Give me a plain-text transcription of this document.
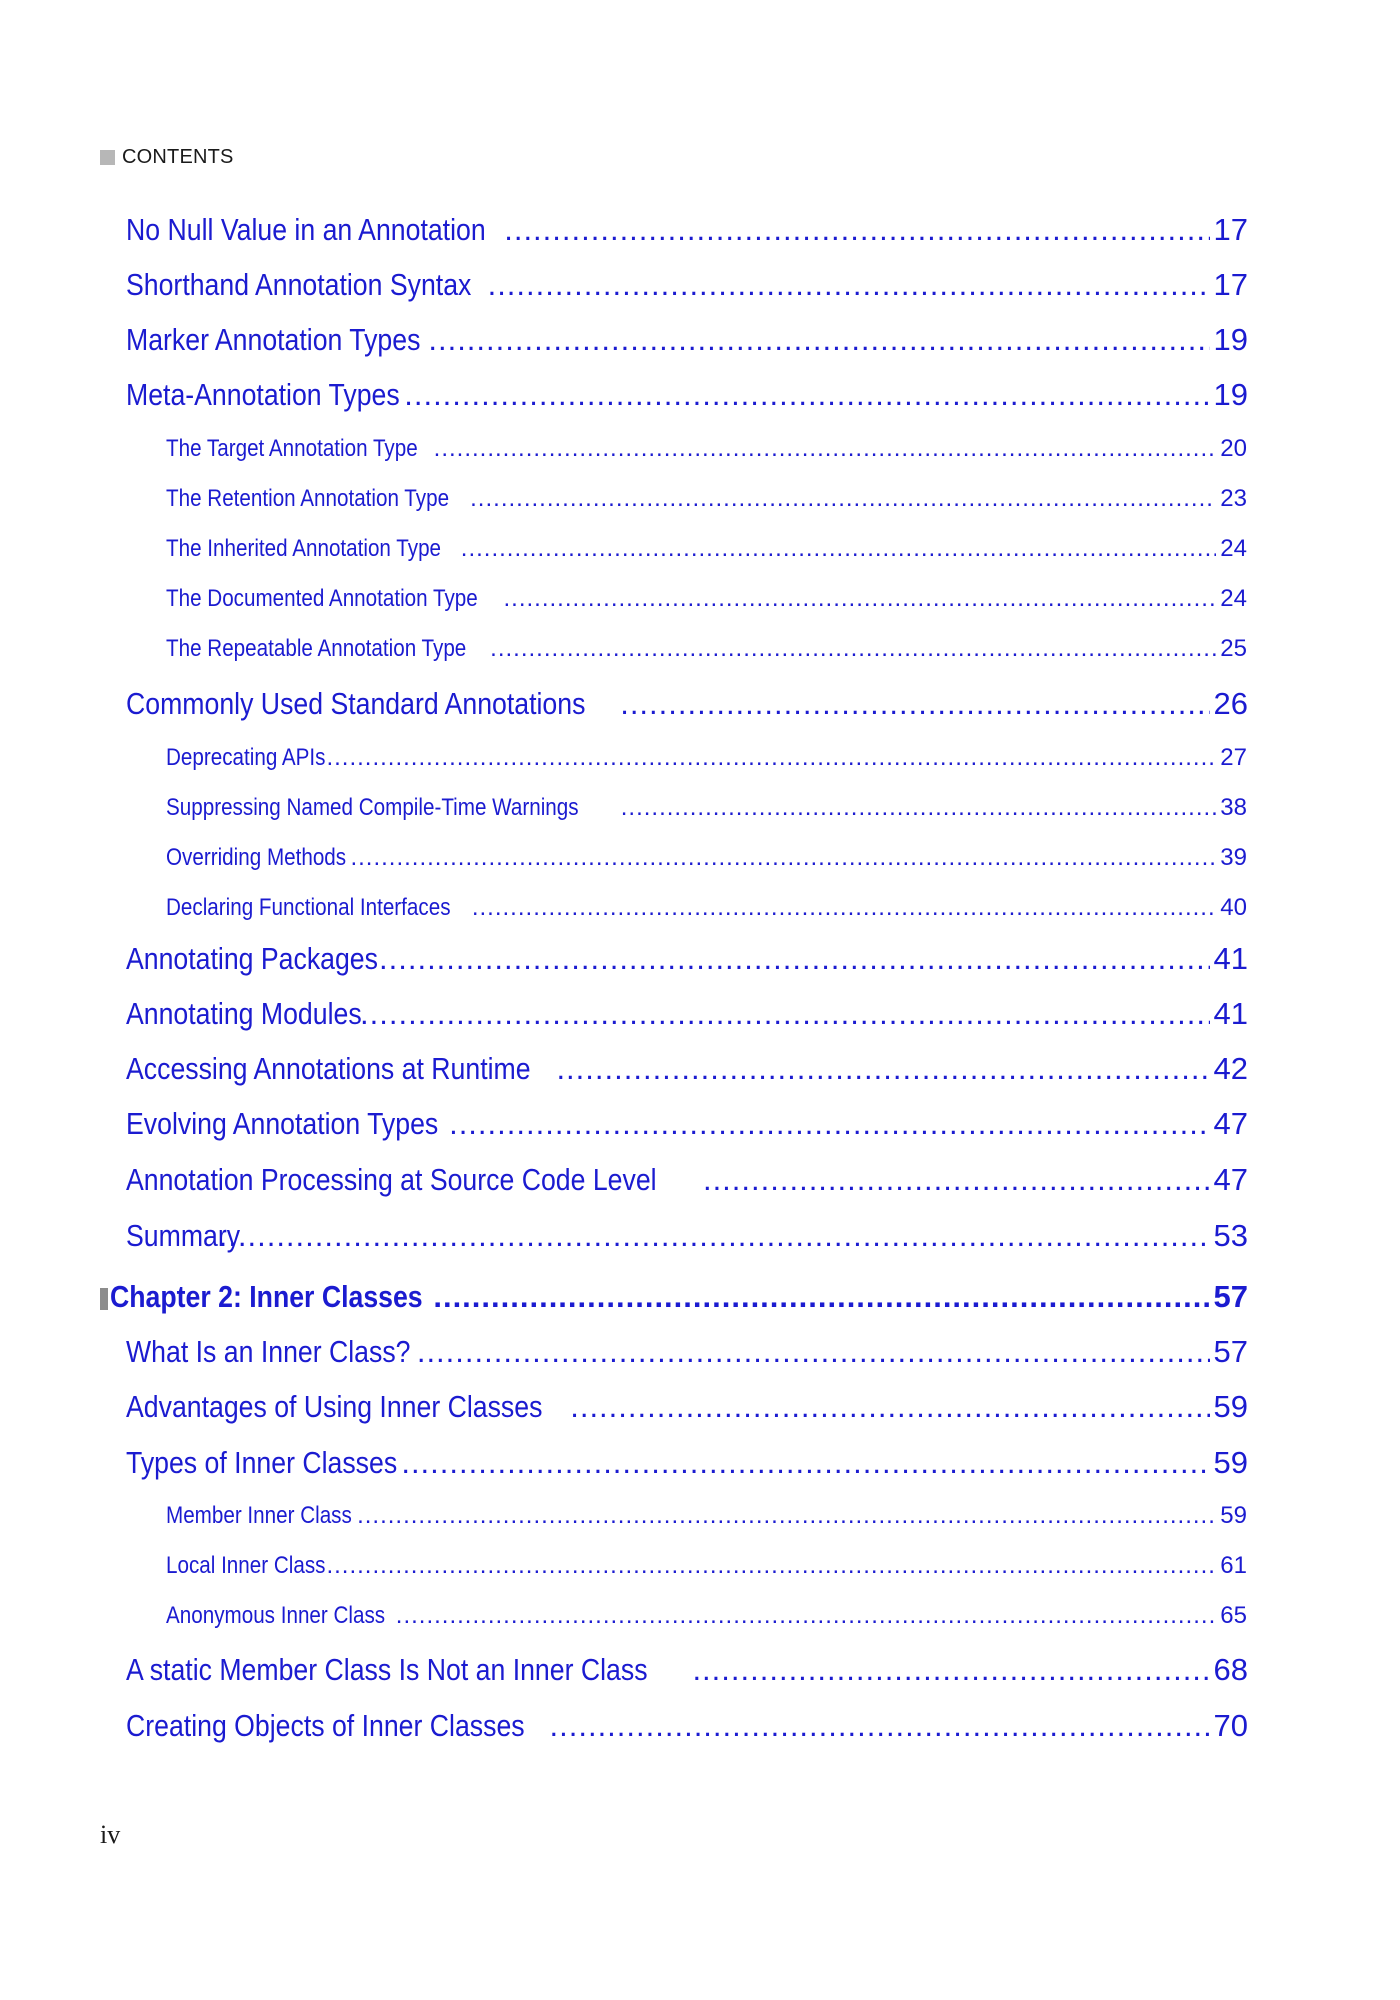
CONTENTS
No Null Value in an Annotation .....	17
Shorthand Annotation Syntax .....	17
Marker Annotation Types .....	19
Meta-Annotation Types .....	19
The Target Annotation Type .....	20
The Retention Annotation Type .....	23
The Inherited Annotation Type .....	24
The Documented Annotation Type .....	24
The Repeatable Annotation Type .....	25
Commonly Used Standard Annotations .....	26
Deprecating APIs .....	27
Suppressing Named Compile-Time Warnings .....	38
Overriding Methods .....	39
Declaring Functional Interfaces .....	40
Annotating Packages .....	41
Annotating Modules .....	41
Accessing Annotations at Runtime .....	42
Evolving Annotation Types .....	47
Annotation Processing at Source Code Level .....	47
Summary .....	53
Chapter 2: Inner Classes .....	57
What Is an Inner Class? .....	57
Advantages of Using Inner Classes .....	59
Types of Inner Classes .....	59
Member Inner Class .....	59
Local Inner Class .....	61
Anonymous Inner Class .....	65
A static Member Class Is Not an Inner Class .....	68
Creating Objects of Inner Classes .....	70
iv
